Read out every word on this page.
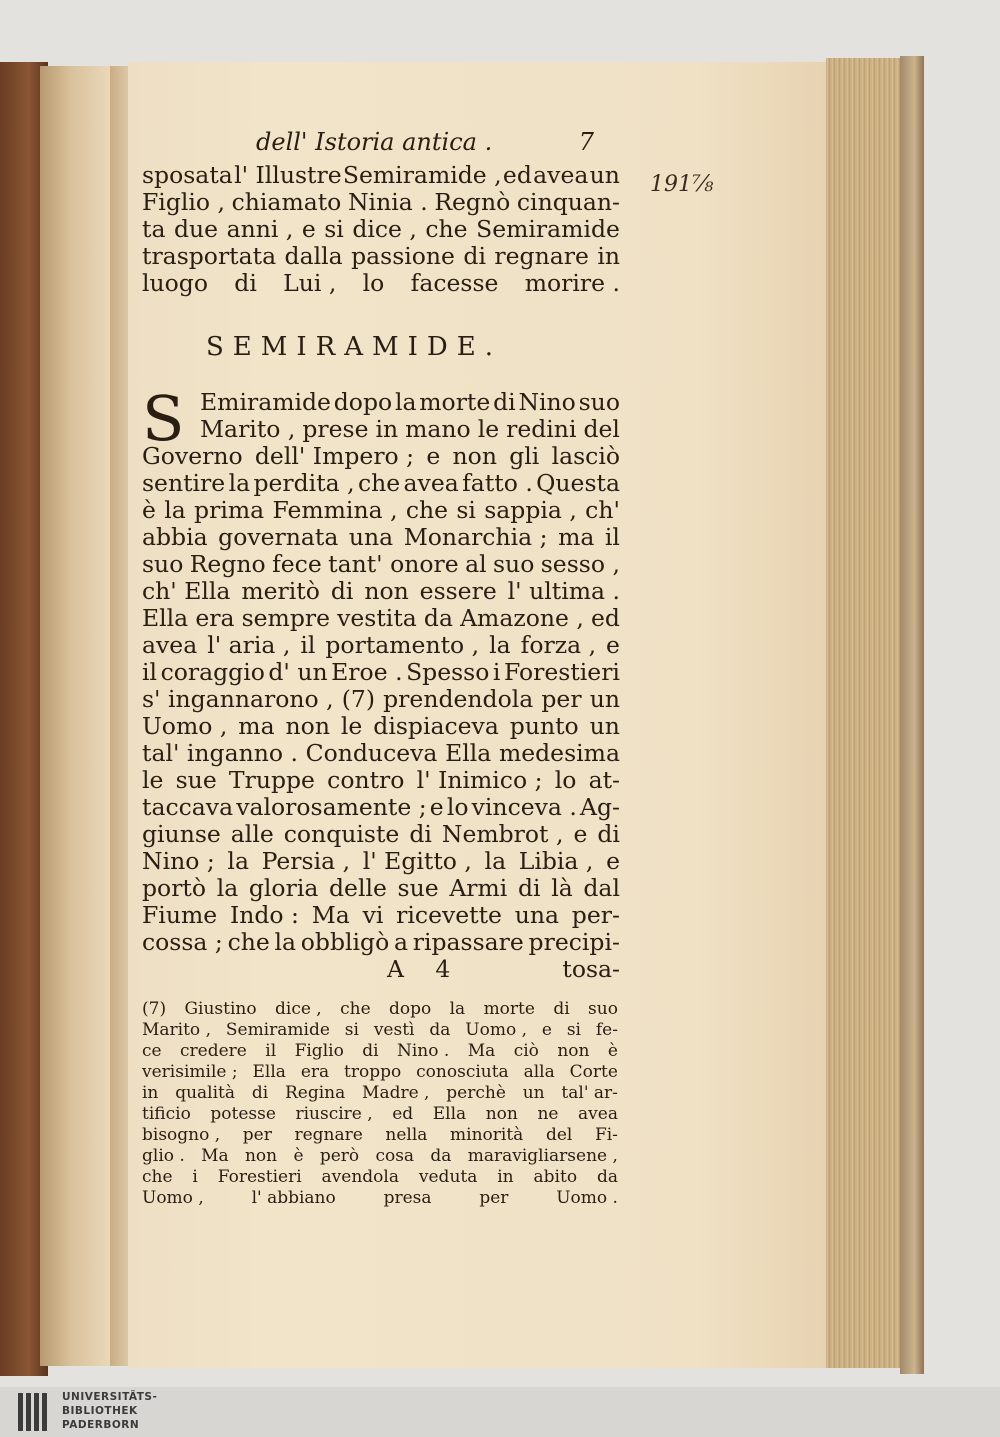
191⅞
dell' Istoria antica .	7
sposata l' Illustre Semiramide , ed avea un
Figlio , chiamato Ninia . Regnò cinquan-
ta due anni , e si dice , che Semiramide
trasportata dalla passione di regnare in
luogo di Lui , lo facesse morire .
SEMIRAMIDE.
S Emiramide dopo la morte di Nino suo
Marito , prese in mano le redini del
Governo dell' Impero ; e non gli lasciò
sentire la perdita , che avea fatto . Questa
è la prima Femmina , che si sappia , ch'
abbia governata una Monarchia ; ma il
suo Regno fece tant' onore al suo sesso ,
ch' Ella meritò di non essere l' ultima .
Ella era sempre vestita da Amazone , ed
avea l' aria , il portamento , la forza , e
il coraggio d' un Eroe . Spesso i Forestieri
s' ingannarono , (7) prendendola per un
Uomo , ma non le dispiaceva punto un
tal' inganno . Conduceva Ella medesima
le sue Truppe contro l' Inimico ; lo at-
taccava valorosamente ; e lo vinceva . Ag-
giunse alle conquiste di Nembrot , e di
Nino ; la Persia , l' Egitto , la Libia , e
portò la gloria delle sue Armi di là dal
Fiume Indo : Ma vi ricevette una per-
cossa ; che la obbligò a ripassare precipi-
A 4	tosa-
(7) Giustino dice , che dopo la morte di suo
Marito , Semiramide si vestì da Uomo , e si fe-
ce credere il Figlio di Nino . Ma ciò non è
verisimile ; Ella era troppo conosciuta alla Corte
in qualità di Regina Madre , perchè un tal' ar-
tificio potesse riuscire , ed Ella non ne avea
bisogno , per regnare nella minorità del Fi-
glio . Ma non è però cosa da maravigliarsene ,
che i Forestieri avendola veduta in abito da
Uomo ,	l' abbiano	presa	per	Uomo .
UNIVERSITÄTS-
BIBLIOTHEK
PADERBORN
